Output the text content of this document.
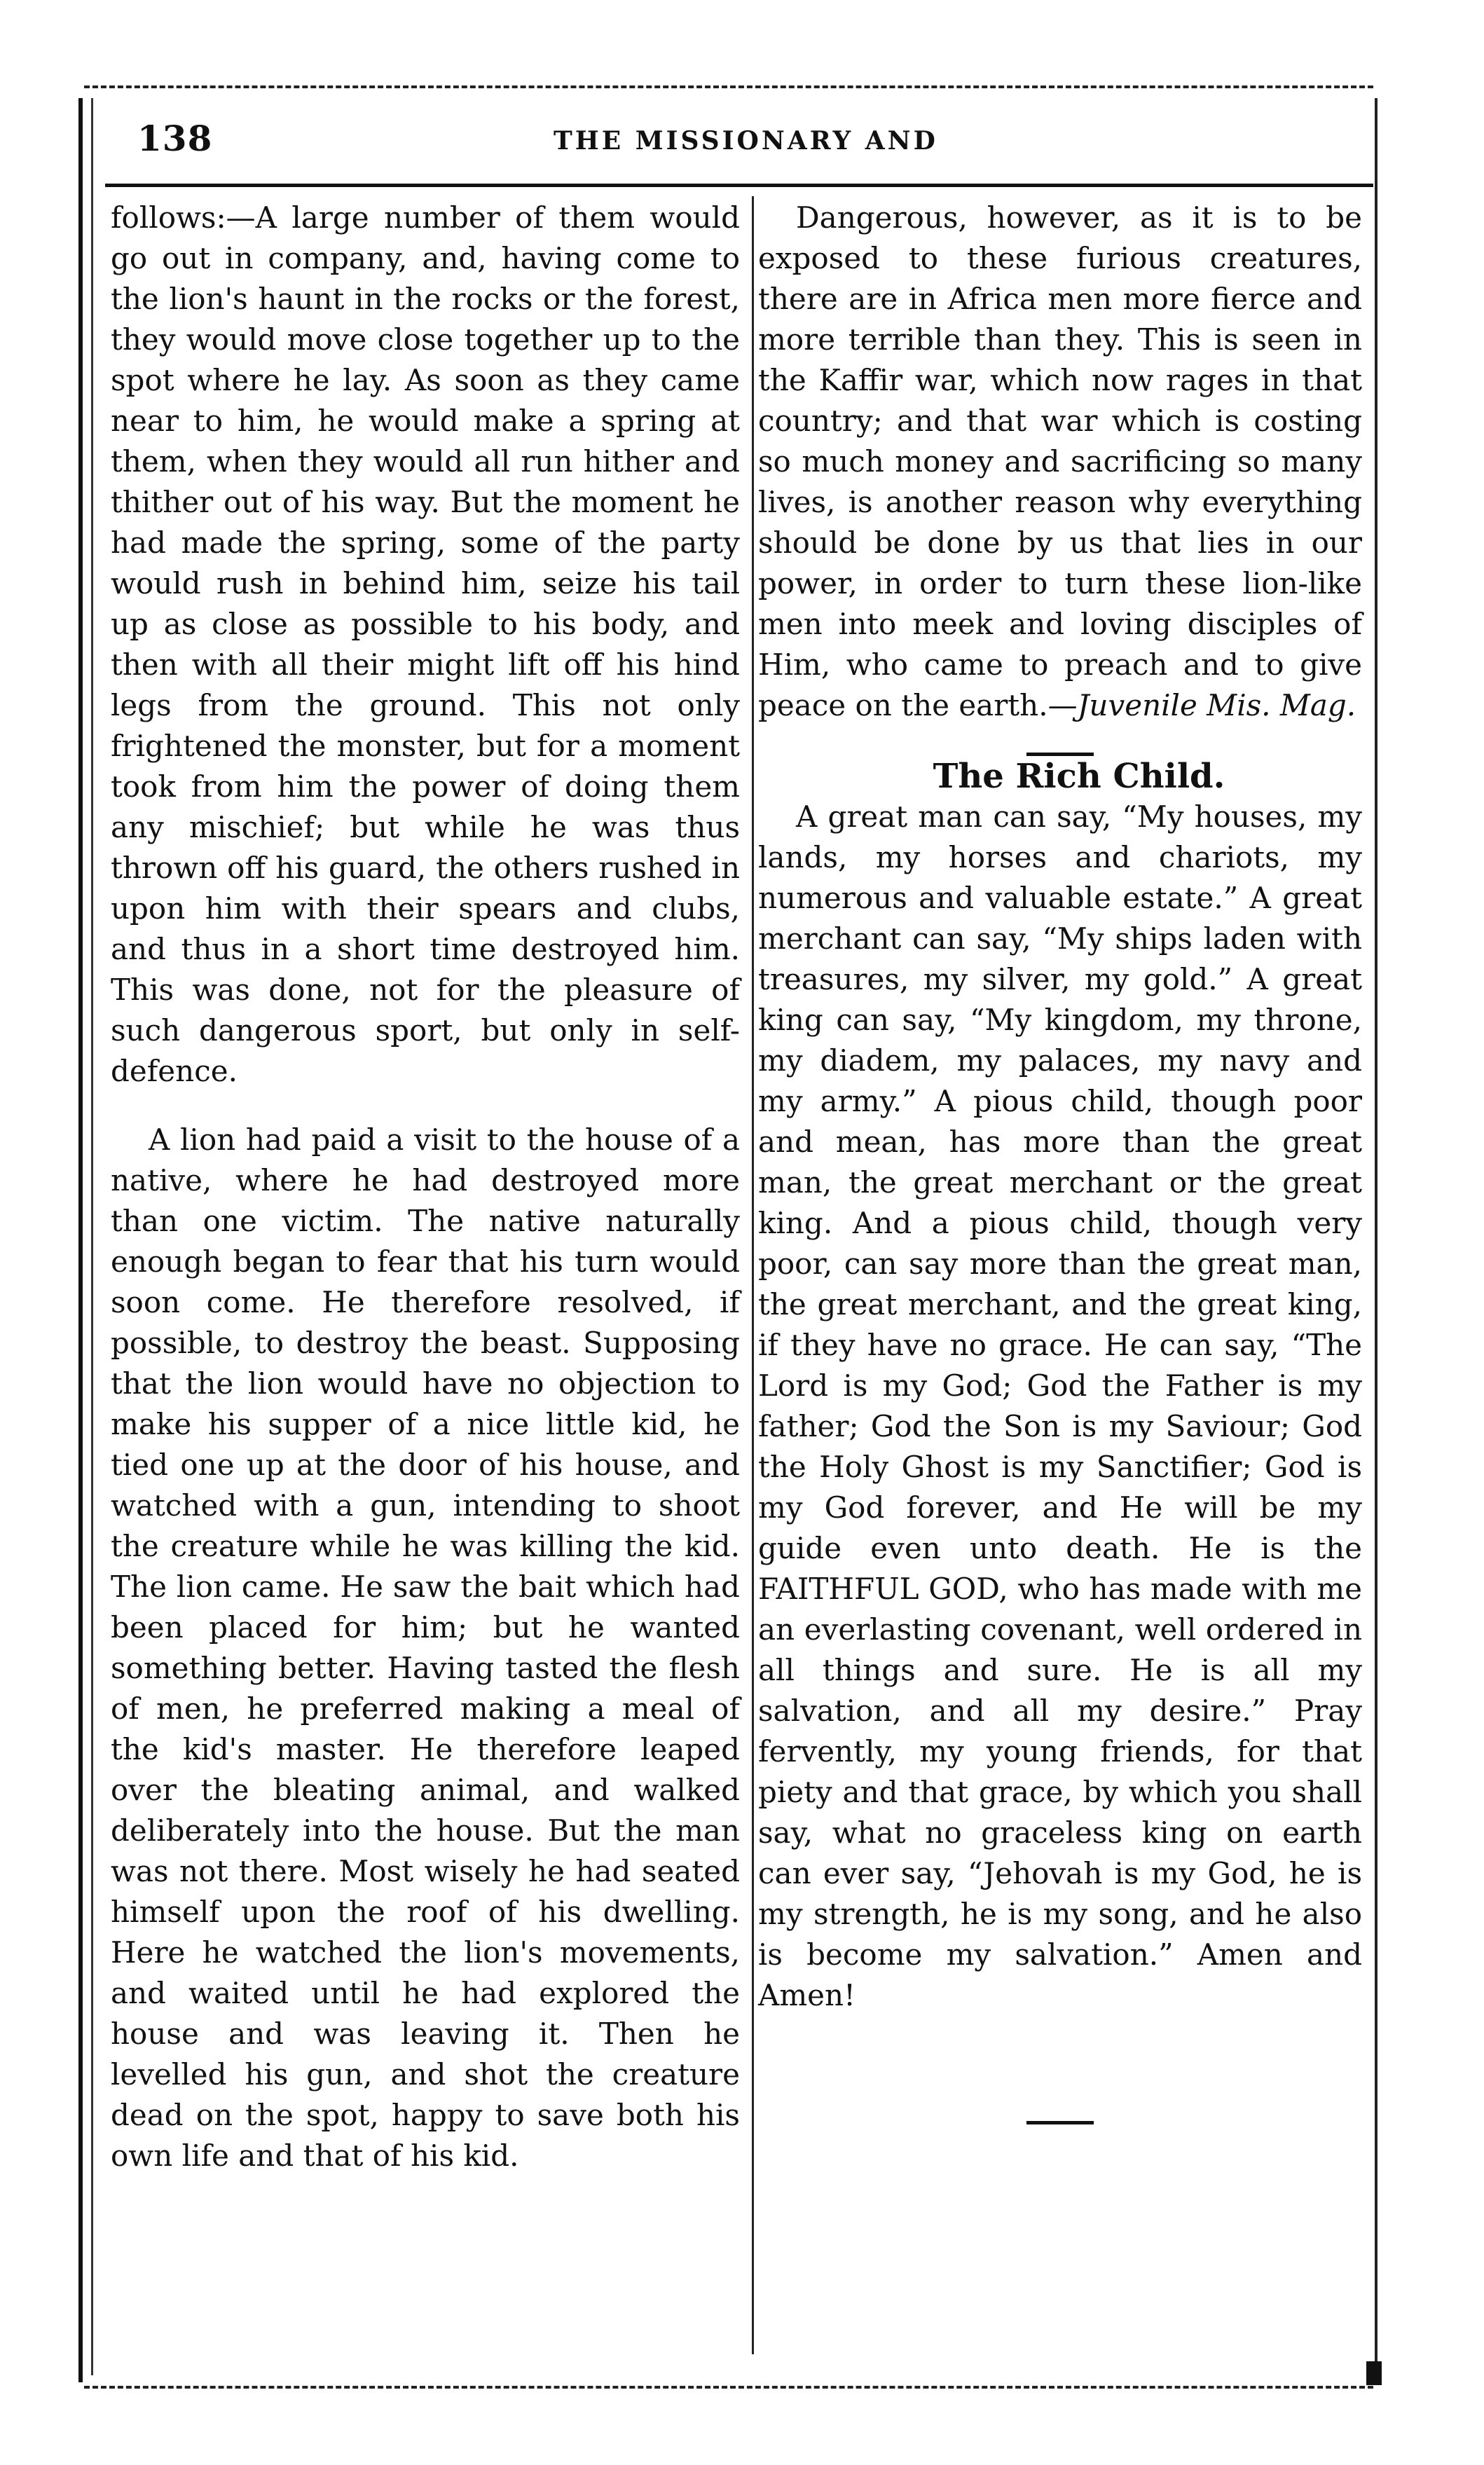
138	THE MISSIONARY AND

follows:—A large number of them would go out in company, and, having come to the lion's haunt in the rocks or the forest, they would move close together up to the spot where he lay. As soon as they came near to him, he would make a spring at them, when they would all run hither and thither out of his way. But the moment he had made the spring, some of the party would rush in behind him, seize his tail up as close as possible to his body, and then with all their might lift off his hind legs from the ground. This not only frightened the monster, but for a moment took from him the power of doing them any mischief; but while he was thus thrown off his guard, the others rushed in upon him with their spears and clubs, and thus in a short time destroyed him. This was done, not for the pleasure of such dangerous sport, but only in self-defence.

A lion had paid a visit to the house of a native, where he had destroyed more than one victim. The native naturally enough began to fear that his turn would soon come. He therefore resolved, if possible, to destroy the beast. Supposing that the lion would have no objection to make his supper of a nice little kid, he tied one up at the door of his house, and watched with a gun, intending to shoot the creature while he was killing the kid. The lion came. He saw the bait which had been placed for him; but he wanted something better. Having tasted the flesh of men, he preferred making a meal of the kid's master. He therefore leaped over the bleating animal, and walked deliberately into the house. But the man was not there. Most wisely he had seated himself upon the roof of his dwelling. Here he watched the lion's movements, and waited until he had explored the house and was leaving it. Then he levelled his gun, and shot the creature dead on the spot, happy to save both his own life and that of his kid.

Dangerous, however, as it is to be exposed to these furious creatures, there are in Africa men more fierce and more terrible than they. This is seen in the Kaffir war, which now rages in that country; and that war which is costing so much money and sacrificing so many lives, is another reason why everything should be done by us that lies in our power, in order to turn these lion-like men into meek and loving disciples of Him, who came to preach and to give peace on the earth.—Juvenile Mis. Mag.

The Rich Child.

A great man can say, “My houses, my lands, my horses and chariots, my numerous and valuable estate.” A great merchant can say, “My ships laden with treasures, my silver, my gold.” A great king can say, “My kingdom, my throne, my diadem, my palaces, my navy and my army.” A pious child, though poor and mean, has more than the great man, the great merchant or the great king. And a pious child, though very poor, can say more than the great man, the great merchant, and the great king, if they have no grace. He can say, “The Lord is my God; God the Father is my father; God the Son is my Saviour; God the Holy Ghost is my Sanctifier; God is my God forever, and He will be my guide even unto death. He is the FAITHFUL GOD, who has made with me an everlasting covenant, well ordered in all things and sure. He is all my salvation, and all my desire.” Pray fervently, my young friends, for that piety and that grace, by which you shall say, what no graceless king on earth can ever say, “Jehovah is my God, he is my strength, he is my song, and he also is become my salvation.” Amen and Amen!
